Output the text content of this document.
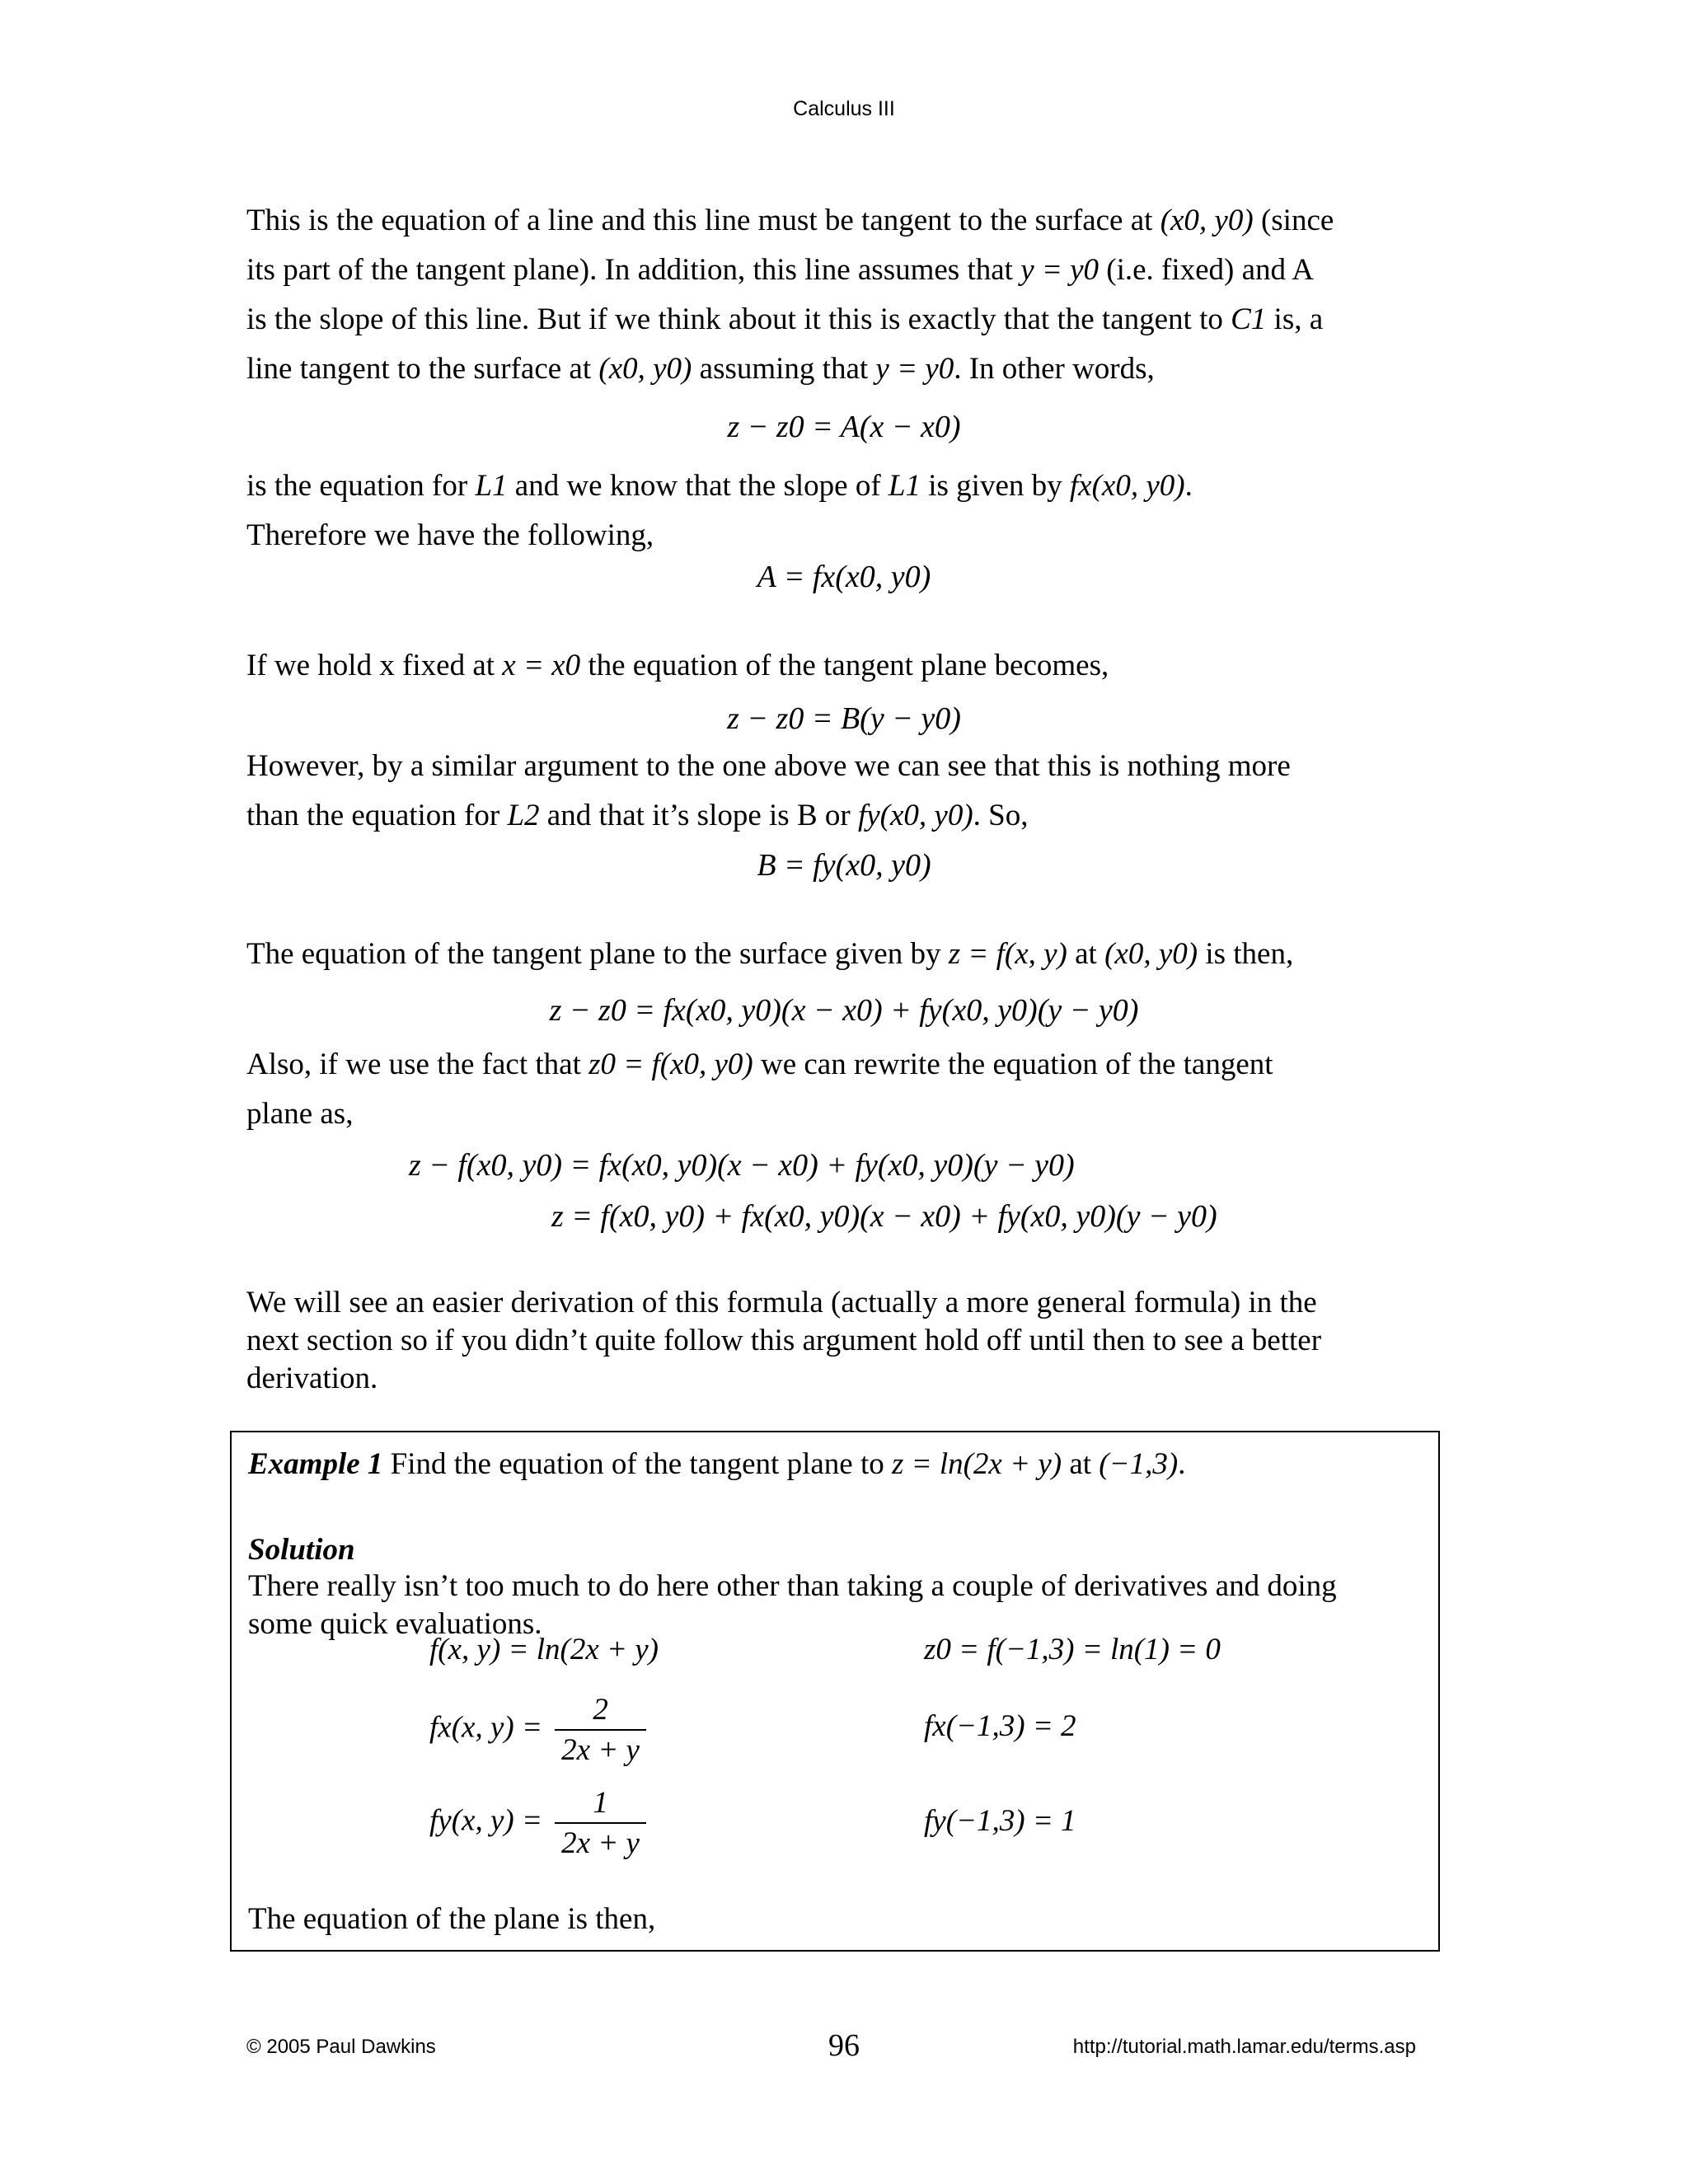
Calculus III
This is the equation of a line and this line must be tangent to the surface at (x0, y0) (since
its part of the tangent plane). In addition, this line assumes that y = y0 (i.e. fixed) and A
is the slope of this line. But if we think about it this is exactly that the tangent to C1 is, a
line tangent to the surface at (x0, y0) assuming that y = y0. In other words,
z − z0 = A(x − x0)
is the equation for L1 and we know that the slope of L1 is given by fx(x0, y0).
Therefore we have the following,
A = fx(x0, y0)
If we hold x fixed at x = x0 the equation of the tangent plane becomes,
z − z0 = B(y − y0)
However, by a similar argument to the one above we can see that this is nothing more
than the equation for L2 and that it’s slope is B or fy(x0, y0). So,
B = fy(x0, y0)
The equation of the tangent plane to the surface given by z = f(x, y) at (x0, y0) is then,
z − z0 = fx(x0, y0)(x − x0) + fy(x0, y0)(y − y0)
Also, if we use the fact that z0 = f(x0, y0) we can rewrite the equation of the tangent
plane as,
z − f(x0, y0) = fx(x0, y0)(x − x0) + fy(x0, y0)(y − y0)
z = f(x0, y0) + fx(x0, y0)(x − x0) + fy(x0, y0)(y − y0)
We will see an easier derivation of this formula (actually a more general formula) in the
next section so if you didn’t quite follow this argument hold off until then to see a better
derivation.
Example 1 Find the equation of the tangent plane to z = ln(2x + y) at (−1,3).
Solution
There really isn’t too much to do here other than taking a couple of derivatives and doing
some quick evaluations.
f(x, y) = ln(2x + y)
fx(x, $y) = \frac{2}{2x + y}$
fy(x, $y) = \frac{1}{2x + y}$
z0 = f(−1,3) = ln(1) = 0
fx(−1,3) = 2
fy(−1,3) = 1
The equation of the plane is then,
© 2005 Paul Dawkins	96	http://tutorial.math.lamar.edu/terms.asp
